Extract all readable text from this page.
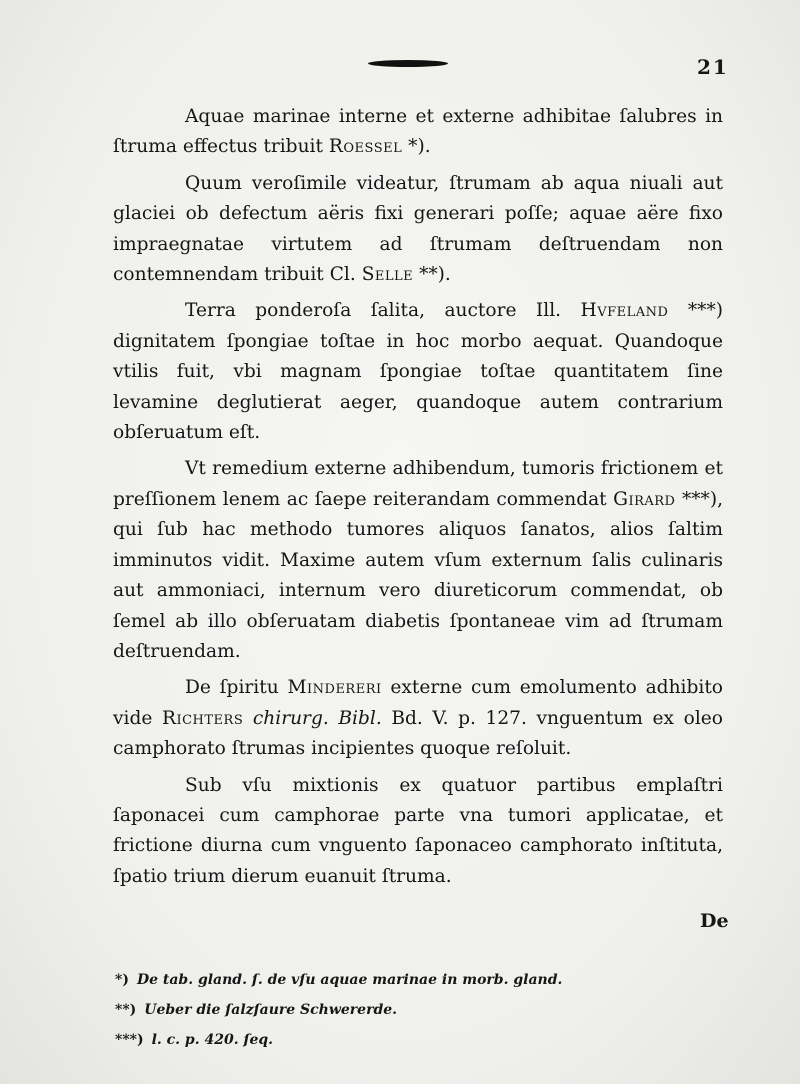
21

Aquae marinae interne et externe adhibitae ſalubres in ſtruma effectus tribuit Roessel *).

Quum veroſimile videatur, ſtrumam ab aqua niuali aut glaciei ob defectum aëris fixi generari poſſe; aquae aëre fixo impraegnatae virtutem ad ſtrumam deſtruendam non contemnendam tribuit Cl. Selle **).

Terra ponderoſa ſalita, auctore Ill. Hvfeland ***) dignitatem ſpongiae toſtae in hoc morbo aequat. Quandoque vtilis fuit, vbi magnam ſpongiae toſtae quantitatem ſine levamine deglutierat aeger, quandoque autem contrarium obſeruatum eſt.

Vt remedium externe adhibendum, tumoris frictionem et preſſionem lenem ac ſaepe reiterandam commendat Girard ***), qui ſub hac methodo tumores aliquos ſanatos, alios ſaltim imminutos vidit. Maxime autem vſum externum ſalis culinaris aut ammoniaci, internum vero diureticorum commendat, ob ſemel ab illo obſeruatam diabetis ſpontaneae vim ad ſtrumam deſtruendam.

De ſpiritu Mindereri externe cum emolumento adhibito vide Richters chirurg. Bibl. Bd. V. p. 127. vnguentum ex oleo camphorato ſtrumas incipientes quoque reſoluit.

Sub vſu mixtionis ex quatuor partibus emplaſtri ſaponacei cum camphorae parte vna tumori applicatae, et frictione diurna cum vnguento ſaponaceo camphorato inſtituta, ſpatio trium dierum euanuit ſtruma.

De
*) De tab. gland. ſ. de vſu aquae marinae in morb. gland.
**) Ueber die ſalzſaure Schwererde.
***) l. c. p. 420. ſeq.
